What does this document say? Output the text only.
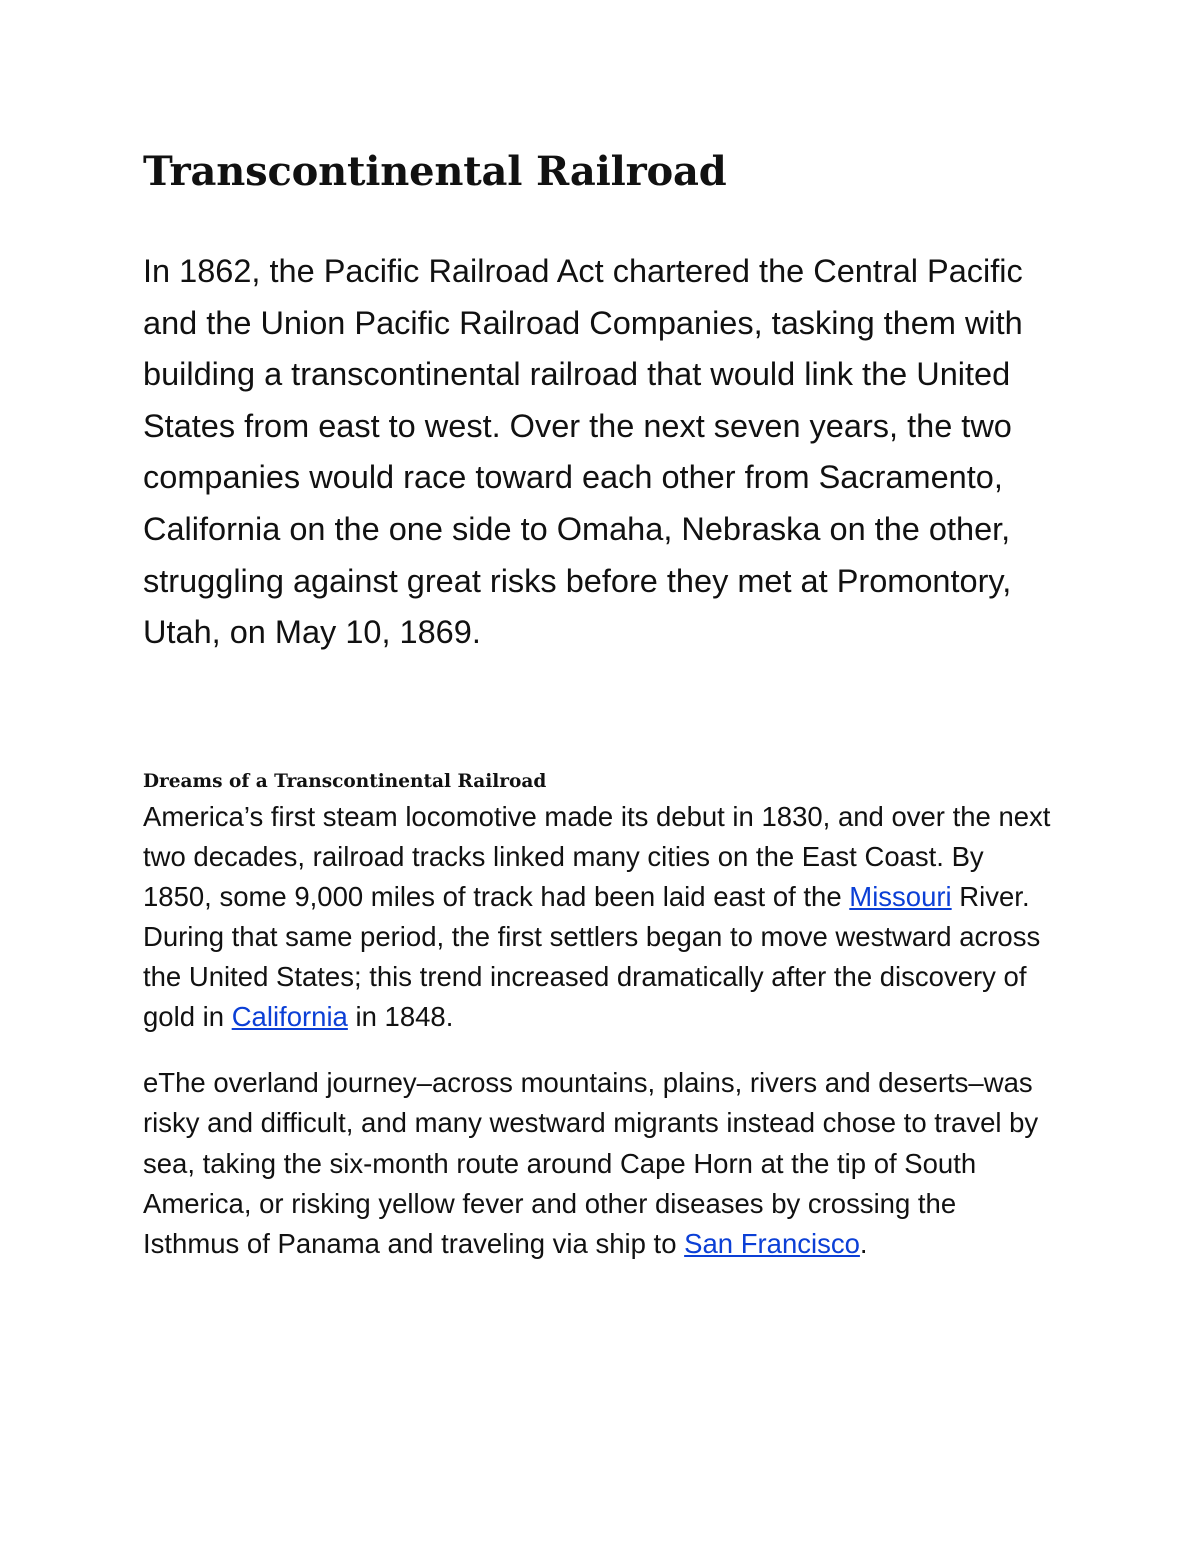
Transcontinental Railroad

In 1862, the Pacific Railroad Act chartered the Central Pacific and the Union Pacific Railroad Companies, tasking them with building a transcontinental railroad that would link the United States from east to west. Over the next seven years, the two companies would race toward each other from Sacramento, California on the one side to Omaha, Nebraska on the other, struggling against great risks before they met at Promontory, Utah, on May 10, 1869.

Dreams of a Transcontinental Railroad

America’s first steam locomotive made its debut in 1830, and over the next two decades, railroad tracks linked many cities on the East Coast. By 1850, some 9,000 miles of track had been laid east of the Missouri River. During that same period, the first settlers began to move westward across the United States; this trend increased dramatically after the discovery of gold in California in 1848.

eThe overland journey–across mountains, plains, rivers and deserts–was risky and difficult, and many westward migrants instead chose to travel by sea, taking the six-month route around Cape Horn at the tip of South America, or risking yellow fever and other diseases by crossing the Isthmus of Panama and traveling via ship to San Francisco.
